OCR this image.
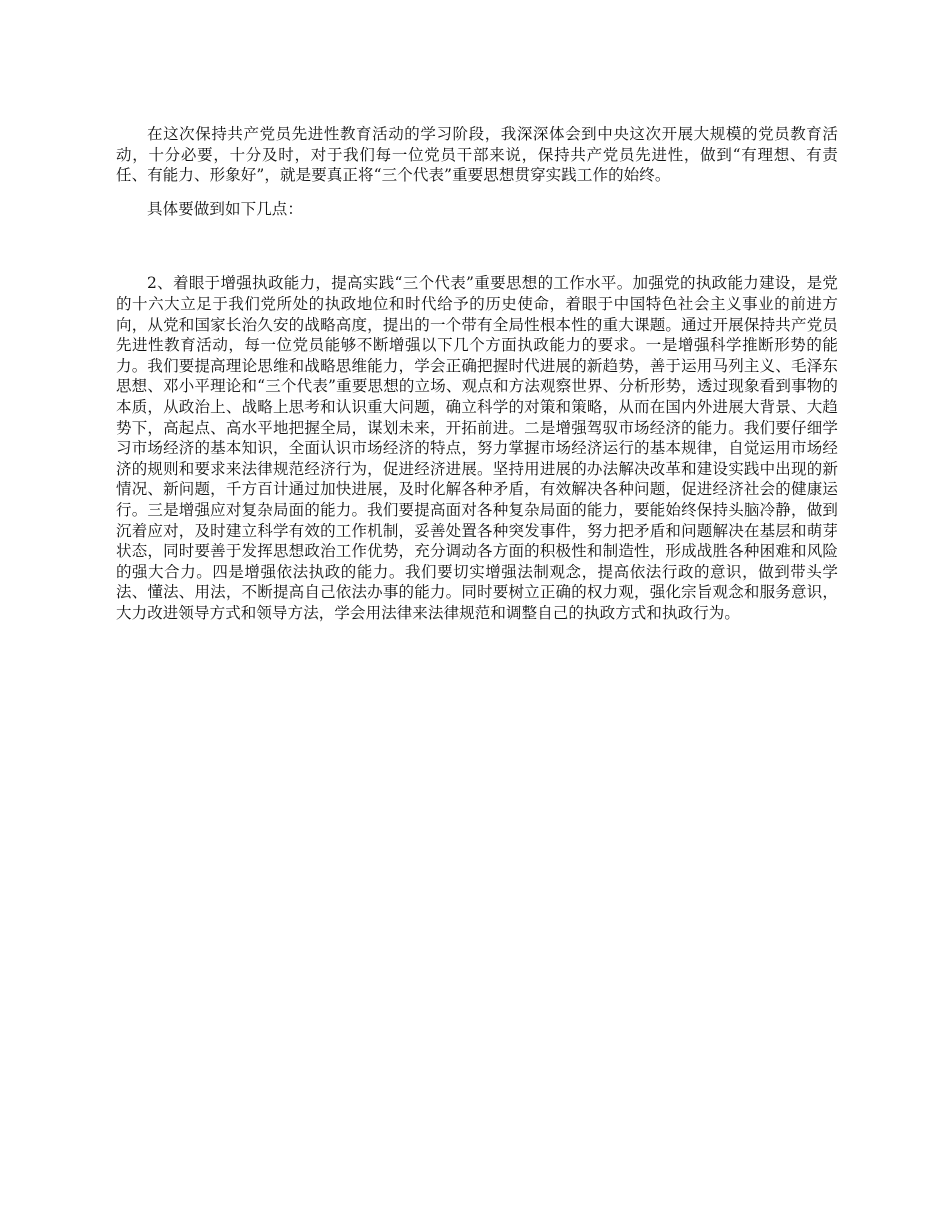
在这次保持共产党员先进性教育活动的学习阶段，我深深体会到中央这次开展大规模的党员教育活动，十分必要，十分及时，对于我们每一位党员干部来说，保持共产党员先进性，做到“有理想、有责任、有能力、形象好”，就是要真正将“三个代表”重要思想贯穿实践工作的始终。

具体要做到如下几点：

2、着眼于增强执政能力，提高实践“三个代表”重要思想的工作水平。加强党的执政能力建设，是党的十六大立足于我们党所处的执政地位和时代给予的历史使命，着眼于中国特色社会主义事业的前进方向，从党和国家长治久安的战略高度，提出的一个带有全局性根本性的重大课题。通过开展保持共产党员先进性教育活动，每一位党员能够不断增强以下几个方面执政能力的要求。一是增强科学推断形势的能力。我们要提高理论思维和战略思维能力，学会正确把握时代进展的新趋势，善于运用马列主义、毛泽东思想、邓小平理论和“三个代表”重要思想的立场、观点和方法观察世界、分析形势，透过现象看到事物的本质，从政治上、战略上思考和认识重大问题，确立科学的对策和策略，从而在国内外进展大背景、大趋势下，高起点、高水平地把握全局，谋划未来，开拓前进。二是增强驾驭市场经济的能力。我们要仔细学习市场经济的基本知识，全面认识市场经济的特点，努力掌握市场经济运行的基本规律，自觉运用市场经济的规则和要求来法律规范经济行为，促进经济进展。坚持用进展的办法解决改革和建设实践中出现的新情况、新问题，千方百计通过加快进展，及时化解各种矛盾，有效解决各种问题，促进经济社会的健康运行。三是增强应对复杂局面的能力。我们要提高面对各种复杂局面的能力，要能始终保持头脑冷静，做到沉着应对，及时建立科学有效的工作机制，妥善处置各种突发事件，努力把矛盾和问题解决在基层和萌芽状态，同时要善于发挥思想政治工作优势，充分调动各方面的积极性和制造性，形成战胜各种困难和风险的强大合力。四是增强依法执政的能力。我们要切实增强法制观念，提高依法行政的意识，做到带头学法、懂法、用法，不断提高自己依法办事的能力。同时要树立正确的权力观，强化宗旨观念和服务意识，大力改进领导方式和领导方法，学会用法律来法律规范和调整自己的执政方式和执政行为。
